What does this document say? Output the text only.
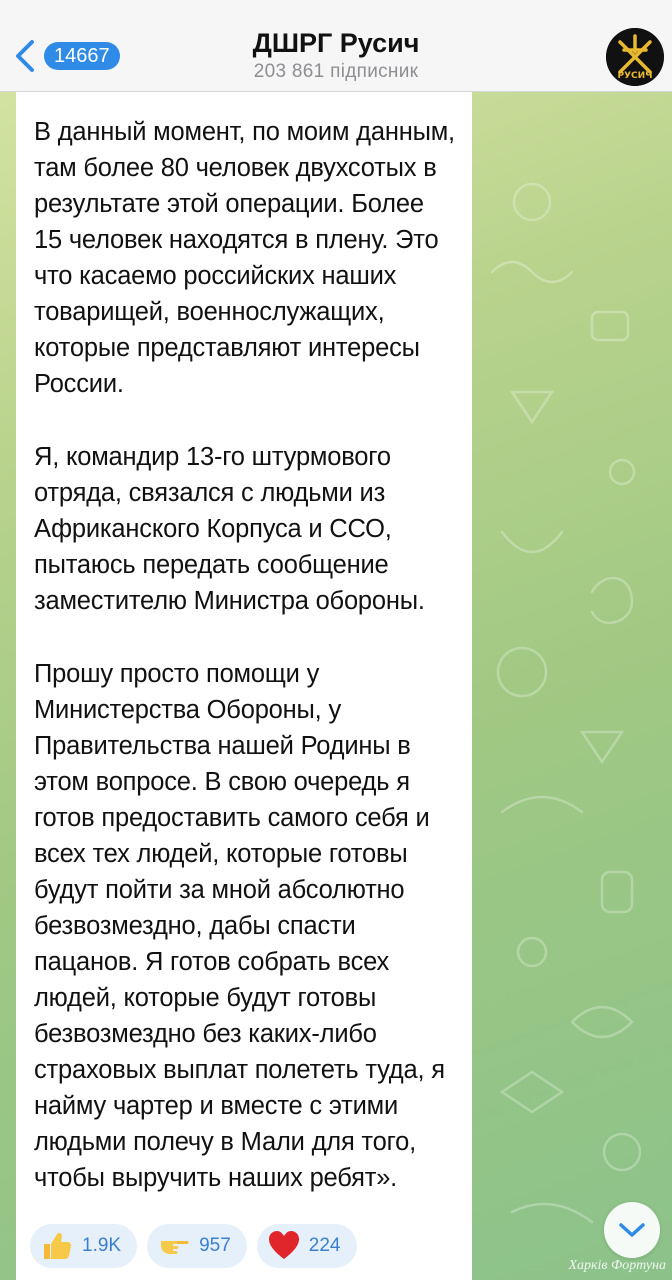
14667	ДШРГ Русич
203 861 підписник	РУСИЧ

В данный момент, по моим данным, там более 80 человек двухсотых в результате этой операции. Более 15 человек находятся в плену. Это что касаемо российских наших товарищей, военнослужащих, которые представляют интересы России.

Я, командир 13-го штурмового отряда, связался с людьми из Африканского Корпуса и ССО, пытаюсь передать сообщение заместителю Министра обороны.

Прошу просто помощи у Министерства Обороны, у Правительства нашей Родины в этом вопросе. В свою очередь я готов предоставить самого себя и всех тех людей, которые готовы будут пойти за мной абсолютно безвозмездно, дабы спасти пацанов. Я готов собрать всех людей, которые будут готовы безвозмездно без каких-либо страховых выплат полететь туда, я найму чартер и вместе с этими людьми полечу в Мали для того, чтобы выручить наших ребят».

1.9K	957	224
Харків Фортуна
